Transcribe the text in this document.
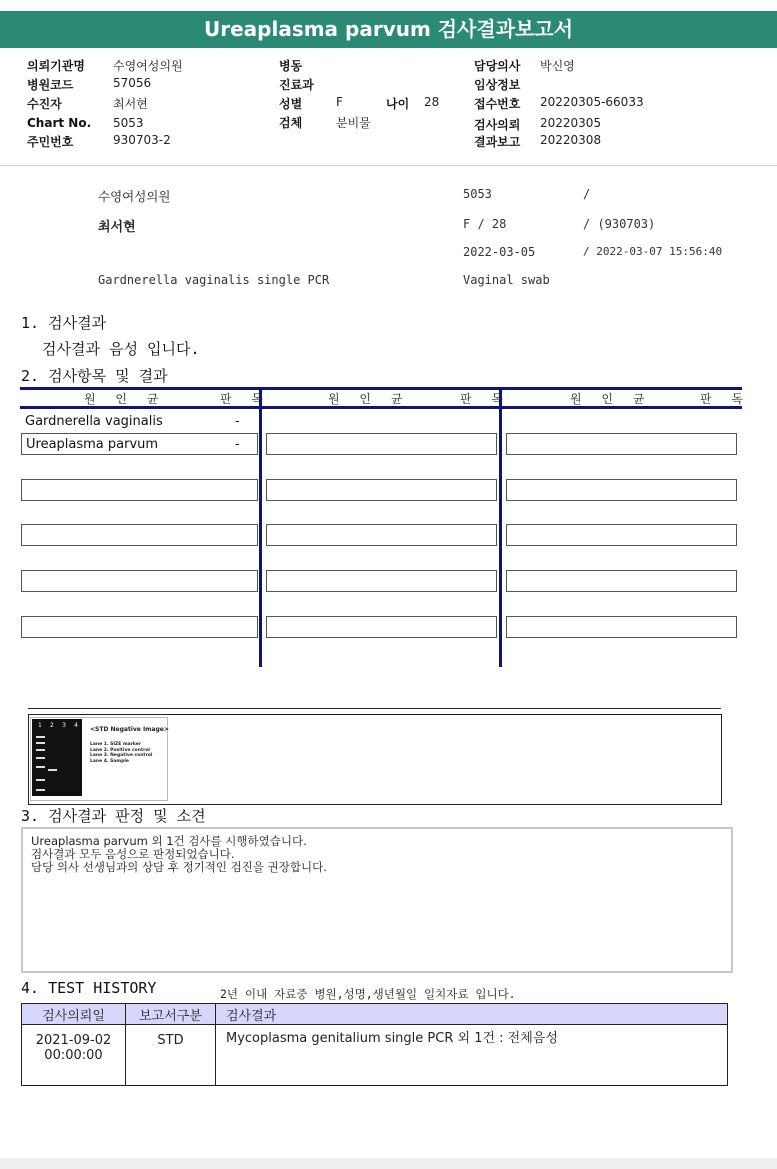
Ureaplasma parvum 검사결과보고서
의뢰기관명 수영여성의원
병원코드	57056
수진자	최서현
Chart No. 5053
주민번호	930703-2
병동
진료과
성별	F	나이 28
검체	분비물
담당의사 박신영
임상정보
접수번호 20220305-66033
검사의뢰 20220305
결과보고 20220308
수영여성의원	5053	/
최서현	F / 28	/ (930703)
2022-03-05	/ 2022-03-07 15:56:40
Gardnerella vaginalis single PCR	Vaginal swab
1. 검사결과
검사결과 음성 입니다.
2. 검사항목 및 결과
원 인 균	판 독	원 인 균	판 독	원 인 균	판 독
Gardnerella vaginalis	-
Ureaplasma parvum	-
1 2 3 4
<STD Negative Image>
Lane 1. SIZE marker
Lane 2. Positive control
Lane 3. Negative control
Lane 4. Sample
3. 검사결과 판정 및 소견
Ureaplasma parvum 외 1건 검사를 시행하였습니다.
검사결과 모두 음성으로 판정되었습니다.
담당 의사 선생님과의 상담 후 정기적인 검진을 권장합니다.
4. TEST HISTORY	2년 이내 자료중 병원,성명,생년월일 일치자료 입니다.
검사의뢰일	보고서구분	검사결과

2021-09-02
00:00:00	STD	Mycoplasma genitalium single PCR 외 1건 : 전체음성
